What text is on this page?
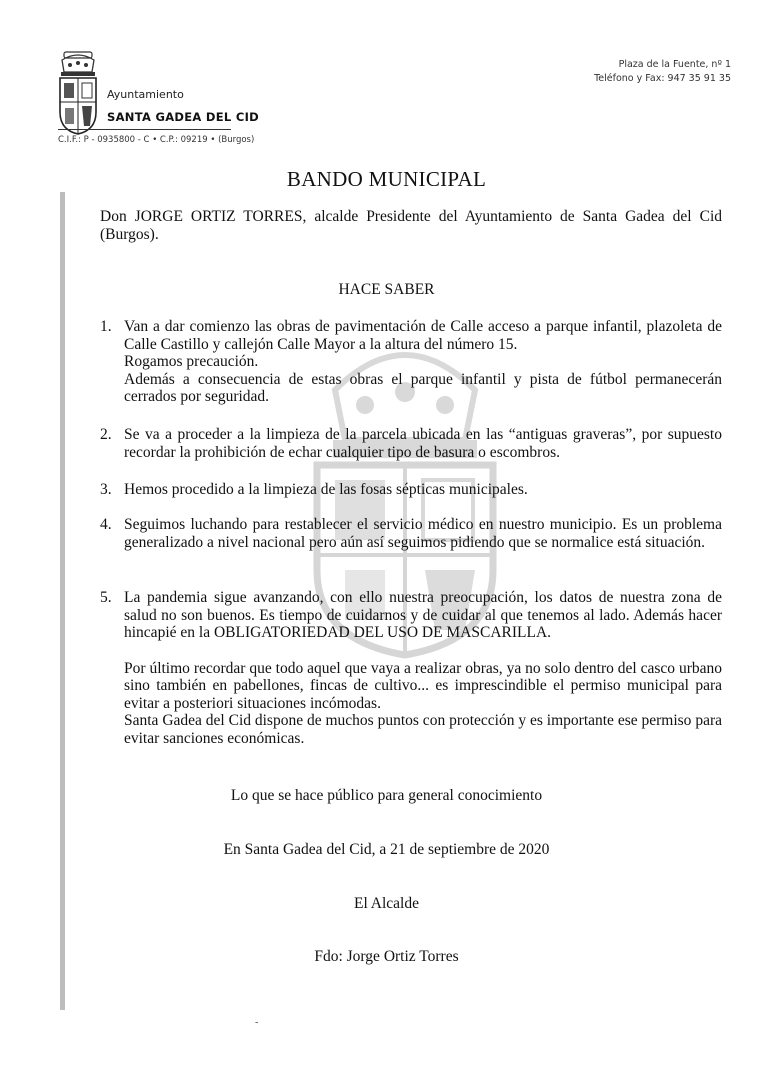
Ayuntamiento
SANTA GADEA DEL CID
C.I.F.: P - 0935800 - C • C.P.: 09219 • (Burgos)
Plaza de la Fuente, nº 1
Teléfono y Fax: 947 35 91 35
BANDO MUNICIPAL
Don JORGE ORTIZ TORRES, alcalde Presidente del Ayuntamiento de Santa Gadea del Cid (Burgos).
HACE SABER
1. Van a dar comienzo las obras de pavimentación de Calle acceso a parque infantil, plazoleta de Calle Castillo y callejón Calle Mayor a la altura del número 15.
Rogamos precaución.
Además a consecuencia de estas obras el parque infantil y pista de fútbol permanecerán cerrados por seguridad.
2. Se va a proceder a la limpieza de la parcela ubicada en las “antiguas graveras”, por supuesto recordar la prohibición de echar cualquier tipo de basura o escombros.
3. Hemos procedido a la limpieza de las fosas sépticas municipales.
4. Seguimos luchando para restablecer el servicio médico en nuestro municipio. Es un problema generalizado a nivel nacional pero aún así seguimos pidiendo que se normalice está situación.
5. La pandemia sigue avanzando, con ello nuestra preocupación, los datos de nuestra zona de salud no son buenos. Es tiempo de cuidarnos y de cuidar al que tenemos al lado. Además hacer hincapié en la OBLIGATORIEDAD DEL USO DE MASCARILLA.
Por último recordar que todo aquel que vaya a realizar obras, ya no solo dentro del casco urbano sino también en pabellones, fincas de cultivo... es imprescindible el permiso municipal para evitar a posteriori situaciones incómodas.
Santa Gadea del Cid dispone de muchos puntos con protección y es importante ese permiso para evitar sanciones económicas.
Lo que se hace público para general conocimiento
En Santa Gadea del Cid, a 21 de septiembre de 2020
El Alcalde
Fdo: Jorge Ortiz Torres
-
